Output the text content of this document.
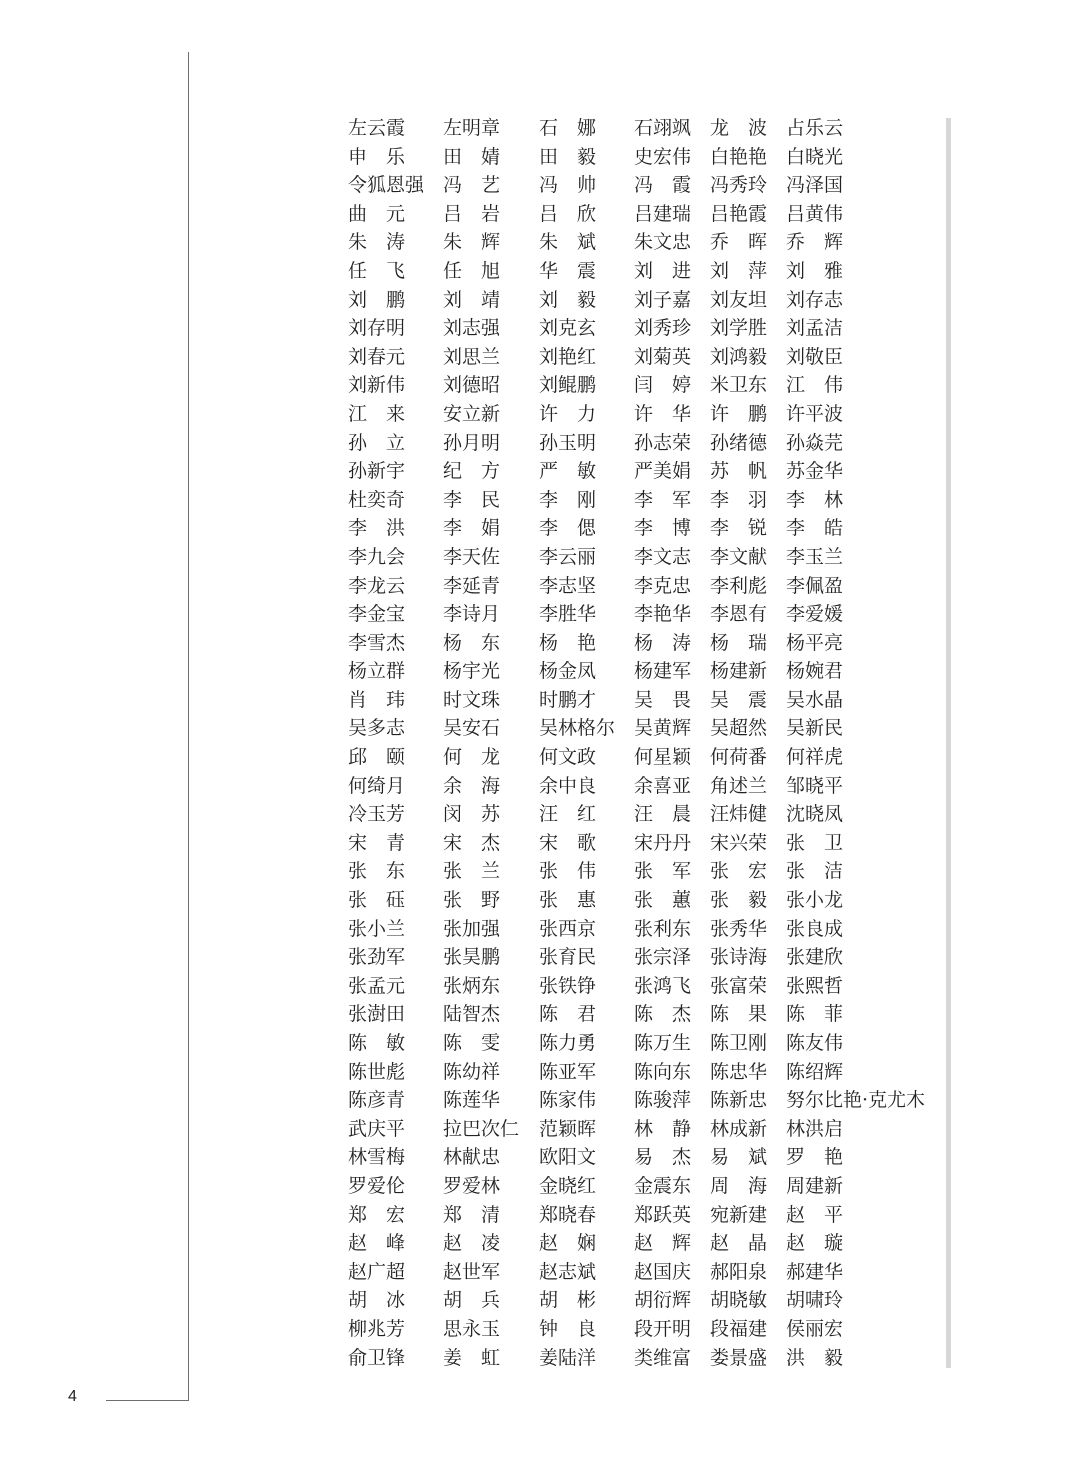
左云霞 左明章 石　娜 石翊飒 龙　波 占乐云
申　乐 田　婧 田　毅 史宏伟 白艳艳 白晓光
令狐恩强 冯　艺 冯　帅 冯　霞 冯秀玲 冯泽国
曲　元 吕　岩 吕　欣 吕建瑞 吕艳霞 吕黄伟
朱　涛 朱　辉 朱　斌 朱文忠 乔　晖 乔　辉
任　飞 任　旭 华　震 刘　进 刘　萍 刘　雅
刘　鹏 刘　靖 刘　毅 刘子嘉 刘友坦 刘存志
刘存明 刘志强 刘克玄 刘秀珍 刘学胜 刘孟洁
刘春元 刘思兰 刘艳红 刘菊英 刘鸿毅 刘敬臣
刘新伟 刘德昭 刘鲲鹏 闫　婷 米卫东 江　伟
江　来 安立新 许　力 许　华 许　鹏 许平波
孙　立 孙月明 孙玉明 孙志荣 孙绪德 孙焱芫
孙新宇 纪　方 严　敏 严美娟 苏　帆 苏金华
杜奕奇 李　民 李　刚 李　军 李　羽 李　林
李　洪 李　娟 李　偲 李　博 李　锐 李　皓
李九会 李天佐 李云丽 李文志 李文献 李玉兰
李龙云 李延青 李志坚 李克忠 李利彪 李佩盈
李金宝 李诗月 李胜华 李艳华 李恩有 李爱媛
李雪杰 杨　东 杨　艳 杨　涛 杨　瑞 杨平亮
杨立群 杨宇光 杨金凤 杨建军 杨建新 杨婉君
肖　玮 时文珠 时鹏才 吴　畏 吴　震 吴水晶
吴多志 吴安石 吴林格尔 吴黄辉 吴超然 吴新民
邱　颐 何　龙 何文政 何星颖 何荷番 何祥虎
何绮月 余　海 余中良 余喜亚 角述兰 邹晓平
冷玉芳 闵　苏 汪　红 汪　晨 汪炜健 沈晓凤
宋　青 宋　杰 宋　歌 宋丹丹 宋兴荣 张　卫
张　东 张　兰 张　伟 张　军 张　宏 张　洁
张　砡 张　野 张　惠 张　蕙 张　毅 张小龙
张小兰 张加强 张西京 张利东 张秀华 张良成
张劲军 张昊鹏 张育民 张宗泽 张诗海 张建欣
张孟元 张炳东 张铁铮 张鸿飞 张富荣 张熙哲
张澍田 陆智杰 陈　君 陈　杰 陈　果 陈　菲
陈　敏 陈　雯 陈力勇 陈万生 陈卫刚 陈友伟
陈世彪 陈幼祥 陈亚军 陈向东 陈忠华 陈绍辉
陈彦青 陈莲华 陈家伟 陈骏萍 陈新忠 努尔比艳·克尤木
武庆平 拉巴次仁 范颖晖 林　静 林成新 林洪启
林雪梅 林献忠 欧阳文 易　杰 易　斌 罗　艳
罗爱伦 罗爱林 金晓红 金震东 周　海 周建新
郑　宏 郑　清 郑晓春 郑跃英 宛新建 赵　平
赵　峰 赵　凌 赵　娴 赵　辉 赵　晶 赵　璇
赵广超 赵世军 赵志斌 赵国庆 郝阳泉 郝建华
胡　冰 胡　兵 胡　彬 胡衍辉 胡晓敏 胡啸玲
柳兆芳 思永玉 钟　良 段开明 段福建 侯丽宏
俞卫锋 姜　虹 姜陆洋 类维富 娄景盛 洪　毅
4
